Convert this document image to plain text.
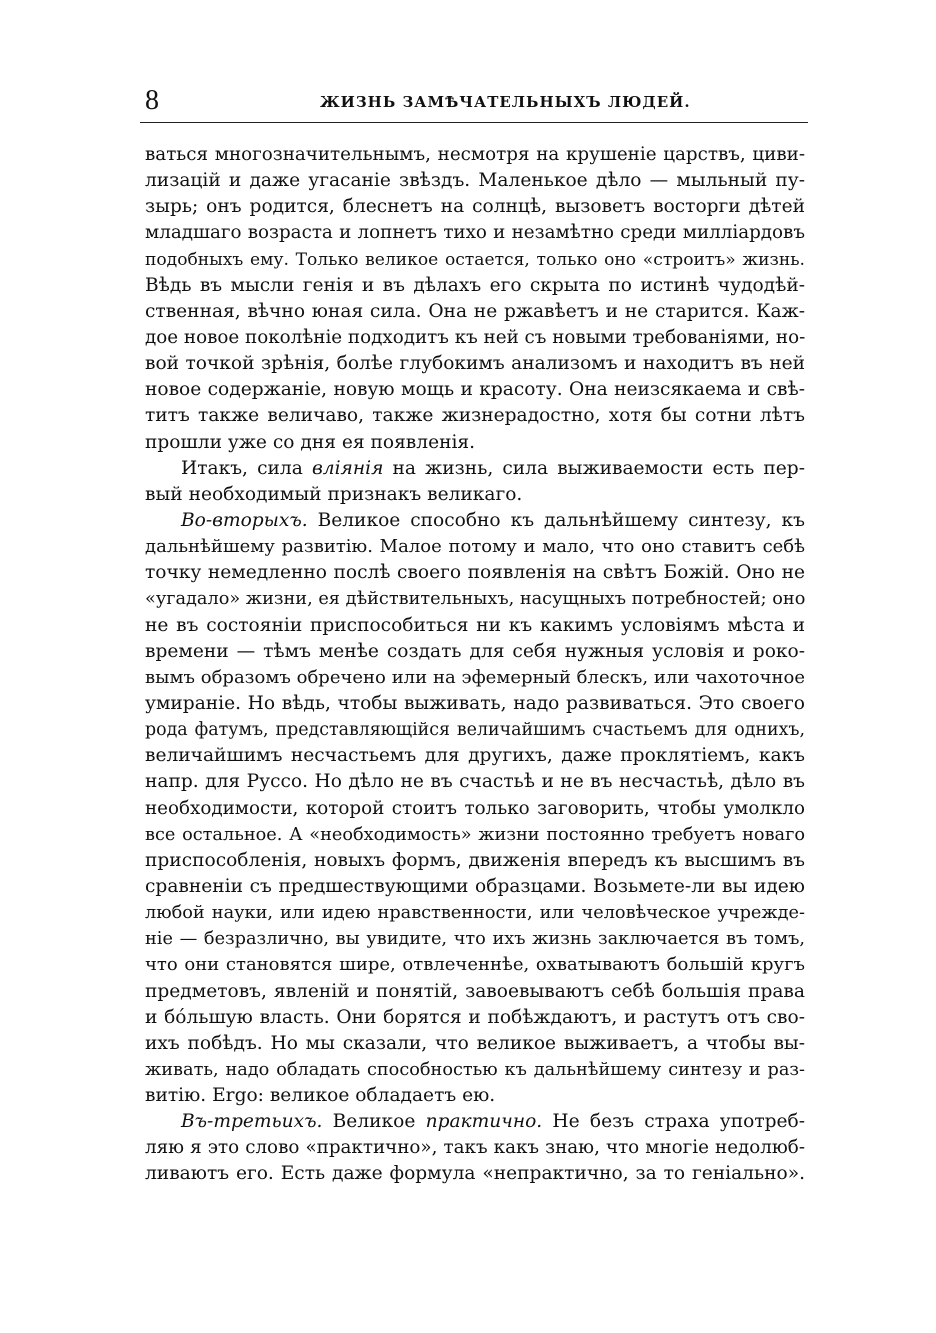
8	ЖИЗНЬ ЗАМѢЧАТЕЛЬНЫХЪ ЛЮДЕЙ.
ваться многозначительнымъ, несмотря на крушеніе царствъ, циви-
лизацій и даже угасаніе звѣздъ. Маленькое дѣло — мыльный пу-
зырь; онъ родится, блеснетъ на солнцѣ, вызоветъ восторги дѣтей
младшаго возраста и лопнетъ тихо и незамѣтно среди милліардовъ
подобныхъ ему. Только великое остается, только оно «строитъ» жизнь.
Вѣдь въ мысли генія и въ дѣлахъ его скрыта по истинѣ чудодѣй-
ственная, вѣчно юная сила. Она не ржавѣетъ и не старится. Каж-
дое новое поколѣніе подходитъ къ ней съ новыми требованіями, но-
вой точкой зрѣнія, болѣе глубокимъ анализомъ и находитъ въ ней
новое содержаніе, новую мощь и красоту. Она неизсякаема и свѣ-
титъ также величаво, также жизнерадостно, хотя бы сотни лѣтъ
прошли уже со дня ея появленія.
Итакъ, сила вліянія на жизнь, сила выживаемости есть пер-
вый необходимый признакъ великаго.
Во-вторыхъ. Великое способно къ дальнѣйшему синтезу, къ
дальнѣйшему развитію. Малое потому и мало, что оно ставитъ себѣ
точку немедленно послѣ своего появленія на свѣтъ Божій. Оно не
«угадало» жизни, ея дѣйствительныхъ, насущныхъ потребностей; оно
не въ состояніи приспособиться ни къ какимъ условіямъ мѣста и
времени — тѣмъ менѣе создать для себя нужныя условія и роко-
вымъ образомъ обречено или на эфемерный блескъ, или чахоточное
умираніе. Но вѣдь, чтобы выживать, надо развиваться. Это своего
рода фатумъ, представляющійся величайшимъ счастьемъ для однихъ,
величайшимъ несчастьемъ для другихъ, даже проклятіемъ, какъ
напр. для Руссо. Но дѣло не въ счастьѣ и не въ несчастьѣ, дѣло въ
необходимости, которой стоитъ только заговорить, чтобы умолкло
все остальное. А «необходимость» жизни постоянно требуетъ новаго
приспособленія, новыхъ формъ, движенія впередъ къ высшимъ въ
сравненіи съ предшествующими образцами. Возьмете-ли вы идею
любой науки, или идею нравственности, или человѣческое учрежде-
ніе — безразлично, вы увидите, что ихъ жизнь заключается въ томъ,
что они становятся шире, отвлеченнѣе, охватываютъ большій кругъ
предметовъ, явленій и понятій, завоевываютъ себѣ большія права
и бо́льшую власть. Они борятся и побѣждаютъ, и растутъ отъ сво-
ихъ побѣдъ. Но мы сказали, что великое выживаетъ, а чтобы вы-
живать, надо обладать способностью къ дальнѣйшему синтезу и раз-
витію. Ergo: великое обладаетъ ею.
Въ-третьихъ. Великое практично. Не безъ страха употреб-
ляю я это слово «практично», такъ какъ знаю, что многіе недолюб-
ливаютъ его. Есть даже формула «непрактично, за то геніально».
